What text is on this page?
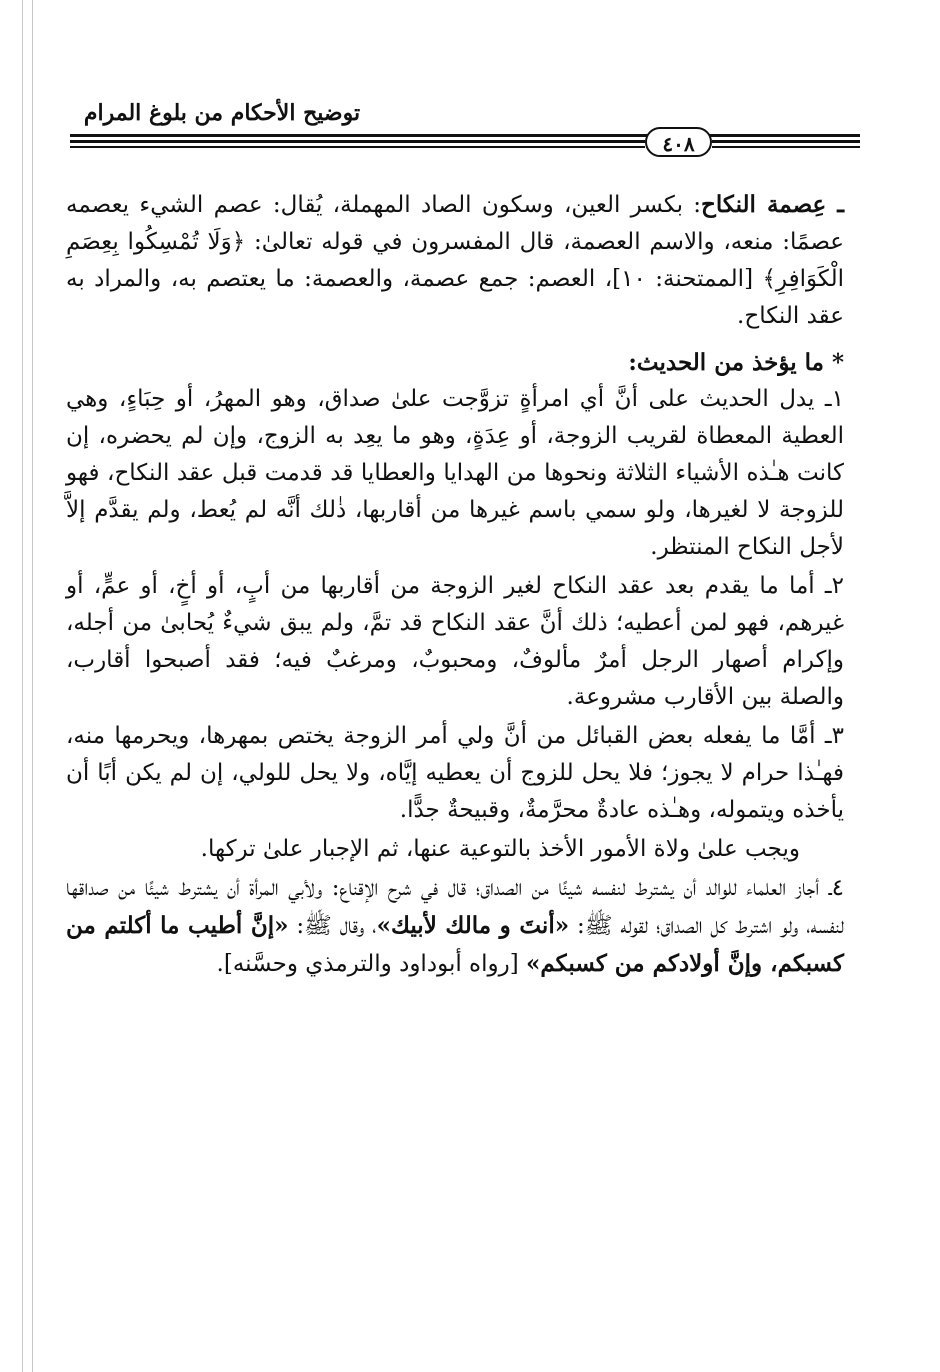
توضيح الأحكام من بلوغ المرام
٤٠٨

ـ عِصمة النكاح: بكسر العين، وسكون الصاد المهملة، يُقال: عصم الشيء يعصمه عصمًا: منعه، والاسم العصمة، قال المفسرون في قوله تعالىٰ: ﴿وَلَا تُمْسِكُوا بِعِصَمِ الْكَوَافِرِ﴾ [الممتحنة: ١٠]، العصم: جمع عصمة، والعصمة: ما يعتصم به، والمراد به عقد النكاح.

* ما يؤخذ من الحديث:

١ـ يدل الحديث على أنَّ أي امرأةٍ تزوَّجت علىٰ صداق، وهو المهرُ، أو حِبَاءٍ، وهي العطية المعطاة لقريب الزوجة، أو عِدَةٍ، وهو ما يعِد به الزوج، وإن لم يحضره، إن كانت هـٰذه الأشياء الثلاثة ونحوها من الهدايا والعطايا قد قدمت قبل عقد النكاح، فهو للزوجة لا لغيرها، ولو سمي باسم غيرها من أقاربها، ذٰلك أنَّه لم يُعط، ولم يقدَّم إلاَّ لأجل النكاح المنتظر.

٢ـ أما ما يقدم بعد عقد النكاح لغير الزوجة من أقاربها من أبٍ، أو أخٍ، أو عمٍّ، أو غيرهم، فهو لمن أعطيه؛ ذلك أنَّ عقد النكاح قد تمَّ، ولم يبق شيءٌ يُحابىٰ من أجله، وإكرام أصهار الرجل أمرٌ مألوفٌ، ومحبوبٌ، ومرغبٌ فيه؛ فقد أصبحوا أقارب، والصلة بين الأقارب مشروعة.

٣ـ أمَّا ما يفعله بعض القبائل من أنَّ ولي أمر الزوجة يختص بمهرها، ويحرمها منه، فهـٰذا حرام لا يجوز؛ فلا يحل للزوج أن يعطيه إيَّاه، ولا يحل للولي، إن لم يكن أبًا أن يأخذه ويتموله، وهـٰذه عادةٌ محرَّمةٌ، وقبيحةٌ جدًّا.

ويجب علىٰ ولاة الأمور الأخذ بالتوعية عنها، ثم الإجبار علىٰ تركها.

٤ـ أجاز العلماء للوالد أن يشترط لنفسه شيئًا من الصداق؛ قال في شرح الإقناع: ولأبي المرأة أن يشترط شيئًا من صداقها لنفسه، ولو اشترط كل الصداق؛ لقوله ﷺ: «أنتَ و مالك لأبيك»، وقال ﷺ: «إنَّ أطيب ما أكلتم من كسبكم، وإنَّ أولادكم من كسبكم» [رواه أبوداود والترمذي وحسَّنه].
